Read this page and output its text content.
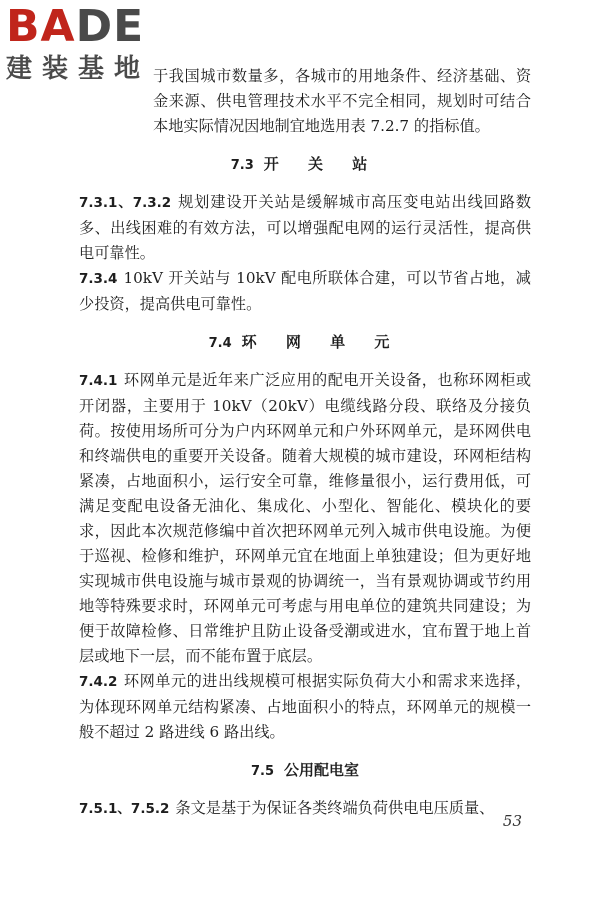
BADE
建装基地 于我国城市数量多，各城市的用地条件、经济基础、资金来源、供电管理技术水平不完全相同，规划时可结合本地实际情况因地制宜地选用表 7.2.7 的指标值。

7.3 开 关 站

7.3.1、7.3.2 规划建设开关站是缓解城市高压变电站出线回路数多、出线困难的有效方法，可以增强配电网的运行灵活性，提高供电可靠性。

7.3.4 10kV 开关站与 10kV 配电所联体合建，可以节省占地，减少投资，提高供电可靠性。

7.4 环 网 单 元

7.4.1 环网单元是近年来广泛应用的配电开关设备，也称环网柜或开闭器，主要用于 10kV（20kV）电缆线路分段、联络及分接负荷。按使用场所可分为户内环网单元和户外环网单元，是环网供电和终端供电的重要开关设备。随着大规模的城市建设，环网柜结构紧凑，占地面积小，运行安全可靠，维修量很小，运行费用低，可满足变配电设备无油化、集成化、小型化、智能化、模块化的要求，因此本次规范修编中首次把环网单元列入城市供电设施。为便于巡视、检修和维护，环网单元宜在地面上单独建设；但为更好地实现城市供电设施与城市景观的协调统一，当有景观协调或节约用地等特殊要求时，环网单元可考虑与用电单位的建筑共同建设；为便于故障检修、日常维护且防止设备受潮或进水，宜布置于地上首层或地下一层，而不能布置于底层。

7.4.2 环网单元的进出线规模可根据实际负荷大小和需求来选择，为体现环网单元结构紧凑、占地面积小的特点，环网单元的规模一般不超过 2 路进线 6 路出线。

7.5 公用配电室

7.5.1、7.5.2 条文是基于为保证各类终端负荷供电电压质量、

53
